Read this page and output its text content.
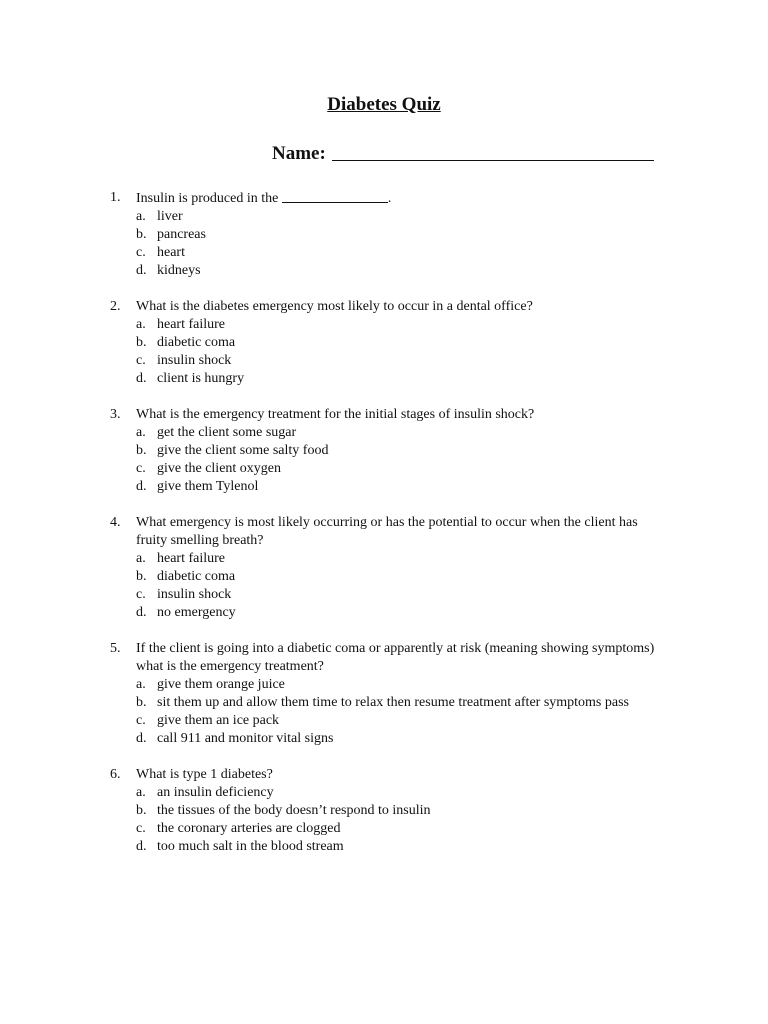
Diabetes Quiz
Name:
1.	Insulin is produced in the	.
a. liver
b. pancreas
c. heart
d. kidneys
2.	What is the diabetes emergency most likely to occur in a dental office?
a. heart failure
b. diabetic coma
c. insulin shock
d. client is hungry
3.	What is the emergency treatment for the initial stages of insulin shock?
a. get the client some sugar
b. give the client some salty food
c. give the client oxygen
d. give them Tylenol
4.	What emergency is most likely occurring or has the potential to occur when the client has fruity smelling breath?
a. heart failure
b. diabetic coma
c. insulin shock
d. no emergency
5.	If the client is going into a diabetic coma or apparently at risk (meaning showing symptoms) what is the emergency treatment?
a. give them orange juice
b. sit them up and allow them time to relax then resume treatment after symptoms pass
c. give them an ice pack
d. call 911 and monitor vital signs
6.	What is type 1 diabetes?
a. an insulin deficiency
b. the tissues of the body doesn’t respond to insulin
c. the coronary arteries are clogged
d. too much salt in the blood stream
